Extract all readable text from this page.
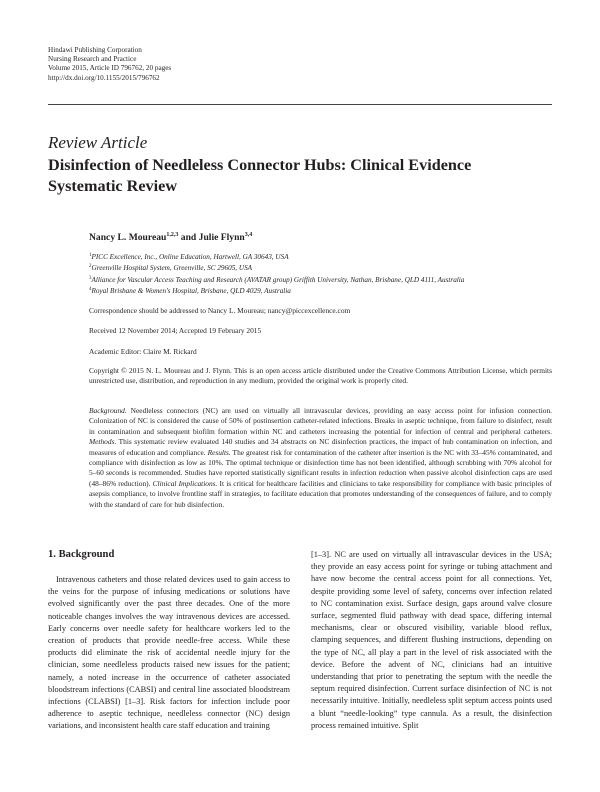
Hindawi Publishing Corporation
Nursing Research and Practice
Volume 2015, Article ID 796762, 20 pages
http://dx.doi.org/10.1155/2015/796762
Review Article
Disinfection of Needleless Connector Hubs: Clinical Evidence Systematic Review
Nancy L. Moureau$^{1,2,3}$ and Julie Flynn$^{3,4}$
$^1$PICC Excellence, Inc., Online Education, Hartwell, GA 30643, USA
$^2$Greenville Hospital System, Greenville, SC 29605, USA
$^3$Alliance for Vascular Access Teaching and Research (AVATAR group) Griffith University, Nathan, Brisbane, QLD 4111, Australia
$^4$Royal Brisbane & Women's Hospital, Brisbane, QLD 4029, Australia
Correspondence should be addressed to Nancy L. Moureau; nancy@piccexcellence.com
Received 12 November 2014; Accepted 19 February 2015
Academic Editor: Claire M. Rickard
Copyright © 2015 N. L. Moureau and J. Flynn. This is an open access article distributed under the Creative Commons Attribution License, which permits unrestricted use, distribution, and reproduction in any medium, provided the original work is properly cited.
Background. Needleless connectors (NC) are used on virtually all intravascular devices, providing an easy access point for infusion connection. Colonization of NC is considered the cause of 50% of postinsertion catheter-related infections. Breaks in aseptic technique, from failure to disinfect, result in contamination and subsequent biofilm formation within NC and catheters increasing the potential for infection of central and peripheral catheters. Methods. This systematic review evaluated 140 studies and 34 abstracts on NC disinfection practices, the impact of hub contamination on infection, and measures of education and compliance. Results. The greatest risk for contamination of the catheter after insertion is the NC with 33–45% contaminated, and compliance with disinfection as low as 10%. The optimal technique or disinfection time has not been identified, although scrubbing with 70% alcohol for 5–60 seconds is recommended. Studies have reported statistically significant results in infection reduction when passive alcohol disinfection caps are used (48–86% reduction). Clinical Implications. It is critical for healthcare facilities and clinicians to take responsibility for compliance with basic principles of asepsis compliance, to involve frontline staff in strategies, to facilitate education that promotes understanding of the consequences of failure, and to comply with the standard of care for hub disinfection.
1. Background
Intravenous catheters and those related devices used to gain access to the veins for the purpose of infusing medications or solutions have evolved significantly over the past three decades. One of the more noticeable changes involves the way intravenous devices are accessed. Early concerns over needle safety for healthcare workers led to the creation of products that provide needle-free access. While these products did eliminate the risk of accidental needle injury for the clinician, some needleless products raised new issues for the patient; namely, a noted increase in the occurrence of catheter associated bloodstream infections (CABSI) and central line associated bloodstream infections (CLABSI) [1–3]. Risk factors for infection include poor adherence to aseptic technique, needleless connector (NC) design variations, and inconsistent health care staff education and training
[1–3]. NC are used on virtually all intravascular devices in the USA; they provide an easy access point for syringe or tubing attachment and have now become the central access point for all connections. Yet, despite providing some level of safety, concerns over infection related to NC contamination exist. Surface design, gaps around valve closure surface, segmented fluid pathway with dead space, differing internal mechanisms, clear or obscured visibility, variable blood reflux, clamping sequences, and different flushing instructions, depending on the type of NC, all play a part in the level of risk associated with the device. Before the advent of NC, clinicians had an intuitive understanding that prior to penetrating the septum with the needle the septum required disinfection. Current surface disinfection of NC is not necessarily intuitive. Initially, needleless split septum access points used a blunt “needle-looking” type cannula. As a result, the disinfection process remained intuitive. Split
